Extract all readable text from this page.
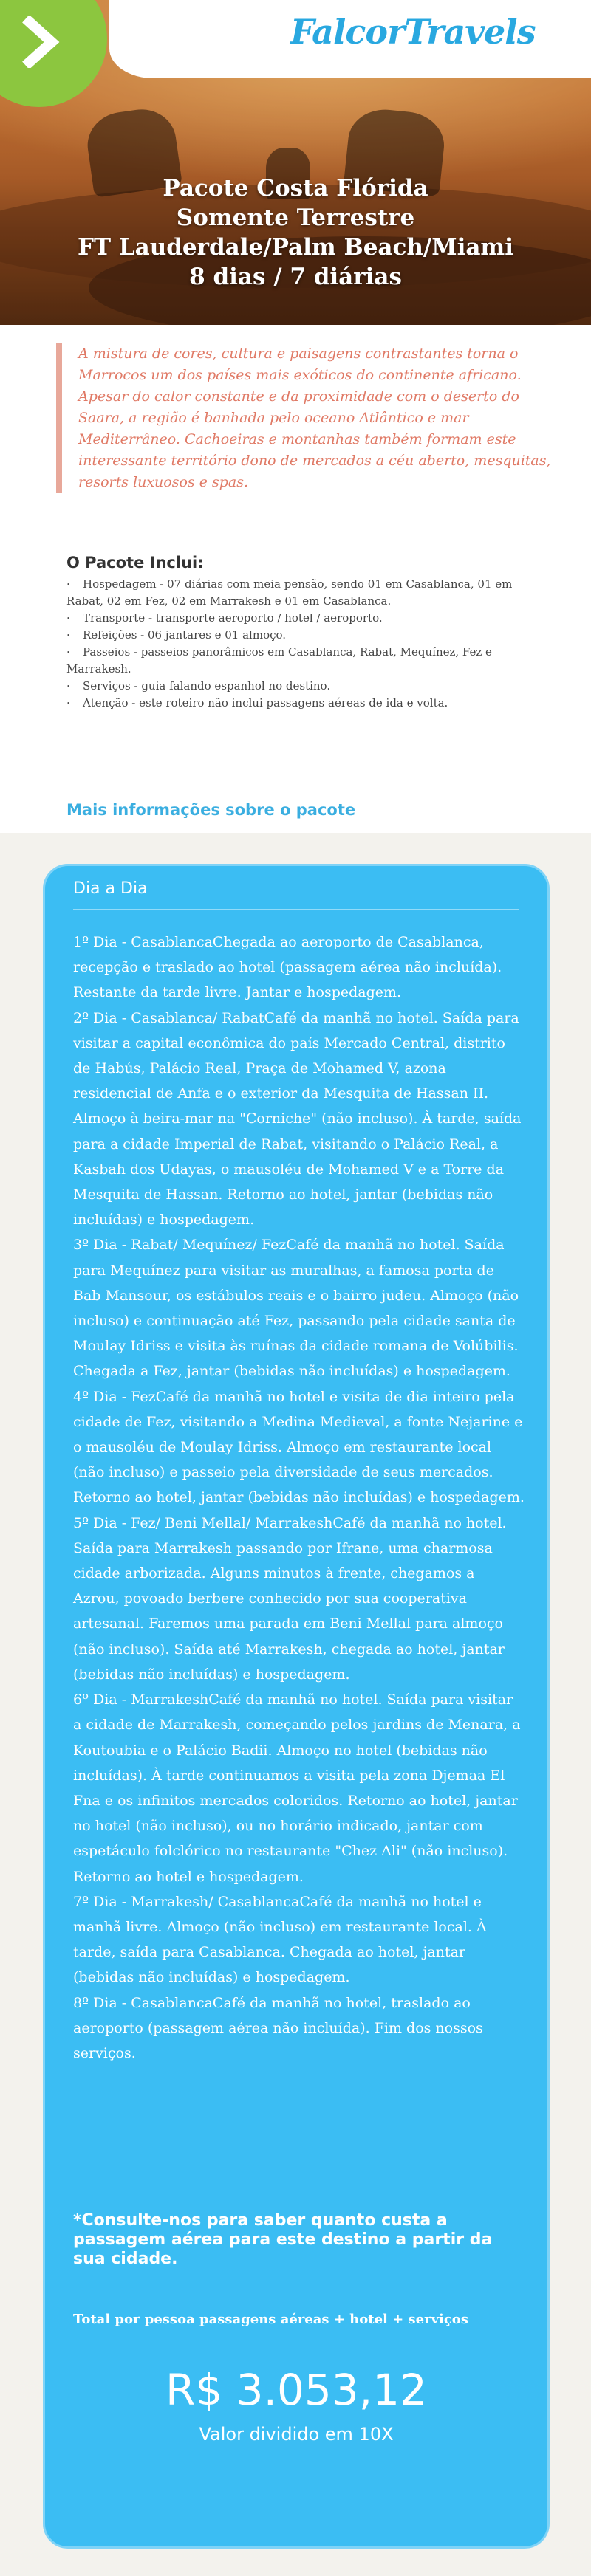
FalcorTravels
Pacote Costa Flórida
Somente Terrestre
FT Lauderdale/Palm Beach/Miami
8 dias / 7 diárias
A mistura de cores, cultura e paisagens contrastantes torna o Marrocos um dos países mais exóticos do continente africano. Apesar do calor constante e da proximidade com o deserto do Saara, a região é banhada pelo oceano Atlântico e mar Mediterrâneo. Cachoeiras e montanhas também formam este interessante território dono de mercados a céu aberto, mesquitas, resorts luxuosos e spas.
O Pacote Inclui:
· Hospedagem - 07 diárias com meia pensão, sendo 01 em Casablanca, 01 em Rabat, 02 em Fez, 02 em Marrakesh e 01 em Casablanca.
· Transporte - transporte aeroporto / hotel / aeroporto.
· Refeições - 06 jantares e 01 almoço.
· Passeios - passeios panorâmicos em Casablanca, Rabat, Mequínez, Fez e Marrakesh.
· Serviços - guia falando espanhol no destino.
· Atenção - este roteiro não inclui passagens aéreas de ida e volta.
Mais informações sobre o pacote
Dia a Dia

1º Dia - CasablancaChegada ao aeroporto de Casablanca, recepção e traslado ao hotel (passagem aérea não incluída). Restante da tarde livre. Jantar e hospedagem.

2º Dia - Casablanca/ RabatCafé da manhã no hotel. Saída para visitar a capital econômica do país Mercado Central, distrito de Habús, Palácio Real, Praça de Mohamed V, azona residencial de Anfa e o exterior da Mesquita de Hassan II. Almoço à beira-mar na "Corniche" (não incluso). À tarde, saída para a cidade Imperial de Rabat, visitando o Palácio Real, a Kasbah dos Udayas, o mausoléu de Mohamed V e a Torre da Mesquita de Hassan. Retorno ao hotel, jantar (bebidas não incluídas) e hospedagem.

3º Dia - Rabat/ Mequínez/ FezCafé da manhã no hotel. Saída para Mequínez para visitar as muralhas, a famosa porta de Bab Mansour, os estábulos reais e o bairro judeu. Almoço (não incluso) e continuação até Fez, passando pela cidade santa de Moulay Idriss e visita às ruínas da cidade romana de Volúbilis. Chegada a Fez, jantar (bebidas não incluídas) e hospedagem.

4º Dia - FezCafé da manhã no hotel e visita de dia inteiro pela cidade de Fez, visitando a Medina Medieval, a fonte Nejarine e o mausoléu de Moulay Idriss. Almoço em restaurante local (não incluso) e passeio pela diversidade de seus mercados. Retorno ao hotel, jantar (bebidas não incluídas) e hospedagem.

5º Dia - Fez/ Beni Mellal/ MarrakeshCafé da manhã no hotel. Saída para Marrakesh passando por Ifrane, uma charmosa cidade arborizada. Alguns minutos à frente, chegamos a Azrou, povoado berbere conhecido por sua cooperativa artesanal. Faremos uma parada em Beni Mellal para almoço (não incluso). Saída até Marrakesh, chegada ao hotel, jantar (bebidas não incluídas) e hospedagem.

6º Dia - MarrakeshCafé da manhã no hotel. Saída para visitar a cidade de Marrakesh, começando pelos jardins de Menara, a Koutoubia e o Palácio Badii. Almoço no hotel (bebidas não incluídas). À tarde continuamos a visita pela zona Djemaa El Fna e os infinitos mercados coloridos. Retorno ao hotel, jantar no hotel (não incluso), ou no horário indicado, jantar com espetáculo folclórico no restaurante "Chez Ali" (não incluso). Retorno ao hotel e hospedagem.

7º Dia - Marrakesh/ CasablancaCafé da manhã no hotel e manhã livre. Almoço (não incluso) em restaurante local. À tarde, saída para Casablanca. Chegada ao hotel, jantar (bebidas não incluídas) e hospedagem.

8º Dia - CasablancaCafé da manhã no hotel, traslado ao aeroporto (passagem aérea não incluída). Fim dos nossos serviços.

*Consulte-nos para saber quanto custa a passagem aérea para este destino a partir da sua cidade.
Total por pessoa passagens aéreas + hotel + serviços
R$ 3.053,12
Valor dividido em 10X
